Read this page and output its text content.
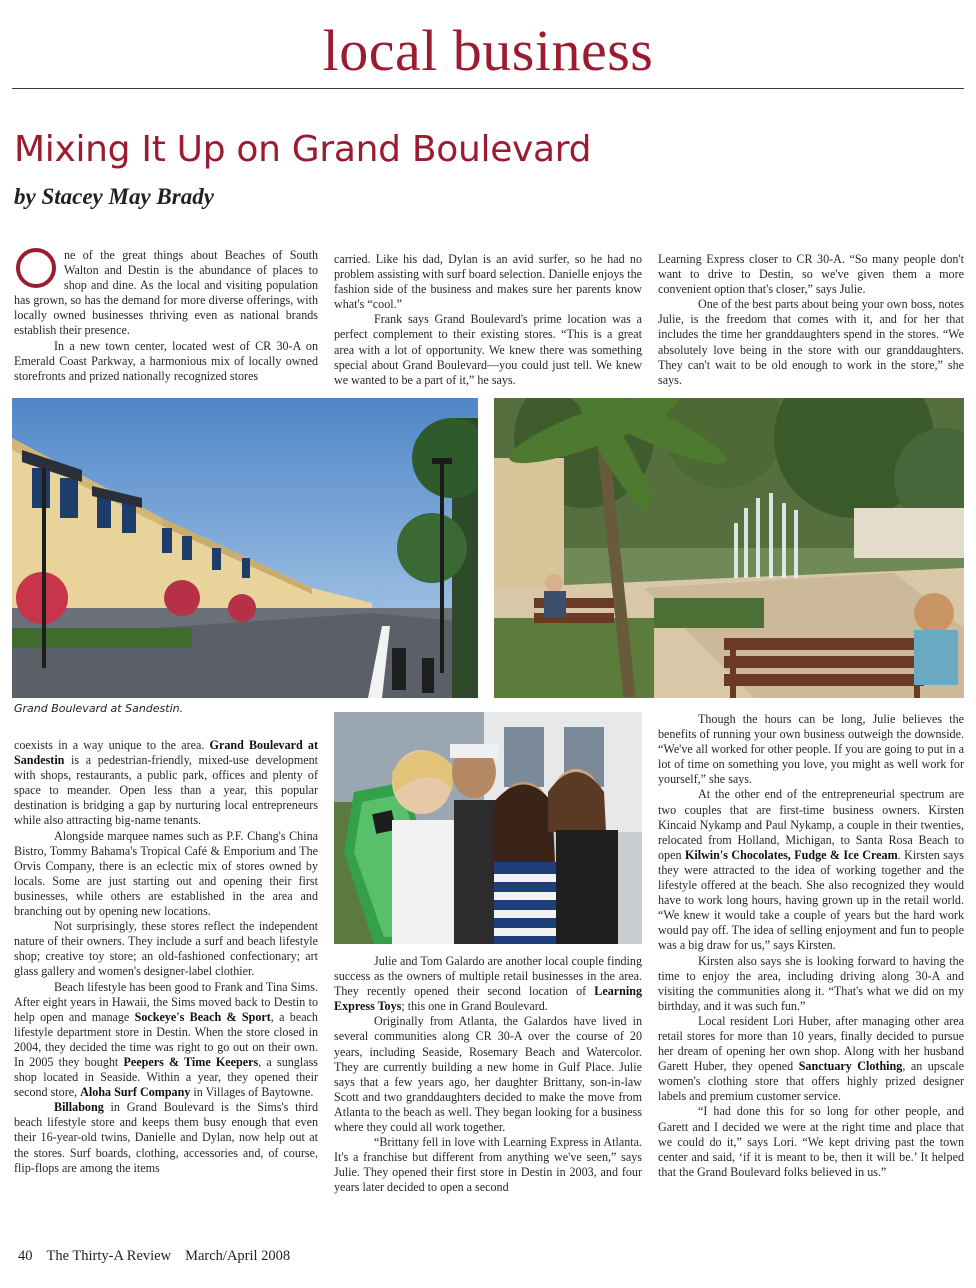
local business
Mixing It Up on Grand Boulevard
by Stacey May Brady

ne of the great things about Beaches of South Walton and Destin is the abundance of places to shop and dine. As the local and visiting population has grown, so has the demand for more diverse offerings, with locally owned businesses thriving even as national brands establish their presence.

In a new town center, located west of CR 30-A on Emerald Coast Parkway, a harmonious mix of locally owned storefronts and prized nationally recognized stores

carried. Like his dad, Dylan is an avid surfer, so he had no problem assisting with surf board selection. Danielle enjoys the fashion side of the business and makes sure her parents know what's “cool.”

Frank says Grand Boulevard's prime location was a perfect complement to their existing stores. “This is a great area with a lot of opportunity. We knew there was something special about Grand Boulevard—you could just tell. We knew we wanted to be a part of it,” he says.

Learning Express closer to CR 30-A. “So many people don't want to drive to Destin, so we've given them a more convenient option that's closer,” says Julie.

One of the best parts about being your own boss, notes Julie, is the freedom that comes with it, and for her that includes the time her granddaughters spend in the stores. “We absolutely love being in the store with our granddaughters. They can't wait to be old enough to work in the store,” she says.

Grand Boulevard at Sandestin.

coexists in a way unique to the area. Grand Boulevard at Sandestin is a pedestrian-friendly, mixed-use development with shops, restaurants, a public park, offices and plenty of space to meander. Open less than a year, this popular destination is bridging a gap by nurturing local entrepreneurs while also attracting big-name tenants.

Alongside marquee names such as P.F. Chang's China Bistro, Tommy Bahama's Tropical Café & Emporium and The Orvis Company, there is an eclectic mix of stores owned by locals. Some are just starting out and opening their first businesses, while others are established in the area and branching out by opening new locations.

Not surprisingly, these stores reflect the independent nature of their owners. They include a surf and beach lifestyle shop; creative toy store; an old-fashioned confectionary; art glass gallery and women's designer-label clothier.

Beach lifestyle has been good to Frank and Tina Sims. After eight years in Hawaii, the Sims moved back to Destin to help open and manage Sockeye's Beach & Sport, a beach lifestyle department store in Destin. When the store closed in 2004, they decided the time was right to go out on their own. In 2005 they bought Peepers & Time Keepers, a sunglass shop located in Seaside. Within a year, they opened their second store, Aloha Surf Company in Villages of Baytowne.

Billabong in Grand Boulevard is the Sims's third beach lifestyle store and keeps them busy enough that even their 16-year-old twins, Danielle and Dylan, now help out at the stores. Surf boards, clothing, accessories and, of course, flip-flops are among the items

Julie and Tom Galardo are another local couple finding success as the owners of multiple retail businesses in the area. They recently opened their second location of Learning Express Toys; this one in Grand Boulevard.

Originally from Atlanta, the Galardos have lived in several communities along CR 30-A over the course of 20 years, including Seaside, Rosemary Beach and Watercolor. They are currently building a new home in Gulf Place. Julie says that a few years ago, her daughter Brittany, son-in-law Scott and two granddaughters decided to make the move from Atlanta to the beach as well. They began looking for a business where they could all work together.

“Brittany fell in love with Learning Express in Atlanta. It's a franchise but different from anything we've seen,” says Julie. They opened their first store in Destin in 2003, and four years later decided to open a second

Though the hours can be long, Julie believes the benefits of running your own business outweigh the downside. “We've all worked for other people. If you are going to put in a lot of time on something you love, you might as well work for yourself,” she says.

At the other end of the entrepreneurial spectrum are two couples that are first-time business owners. Kirsten Kincaid Nykamp and Paul Nykamp, a couple in their twenties, relocated from Holland, Michigan, to Santa Rosa Beach to open Kilwin's Chocolates, Fudge & Ice Cream. Kirsten says they were attracted to the idea of working together and the lifestyle offered at the beach. She also recognized they would have to work long hours, having grown up in the retail world. “We knew it would take a couple of years but the hard work would pay off. The idea of selling enjoyment and fun to people was a big draw for us,” says Kirsten.

Kirsten also says she is looking forward to having the time to enjoy the area, including driving along 30-A and visiting the communities along it. “That's what we did on my birthday, and it was such fun.”

Local resident Lori Huber, after managing other area retail stores for more than 10 years, finally decided to pursue her dream of opening her own shop. Along with her husband Garett Huber, they opened Sanctuary Clothing, an upscale women's clothing store that offers highly prized designer labels and premium customer service.

“I had done this for so long for other people, and Garett and I decided we were at the right time and place that we could do it,” says Lori. “We kept driving past the town center and said, ‘if it is meant to be, then it will be.’ It helped that the Grand Boulevard folks believed in us.”

40 The Thirty-A Review March/April 2008
